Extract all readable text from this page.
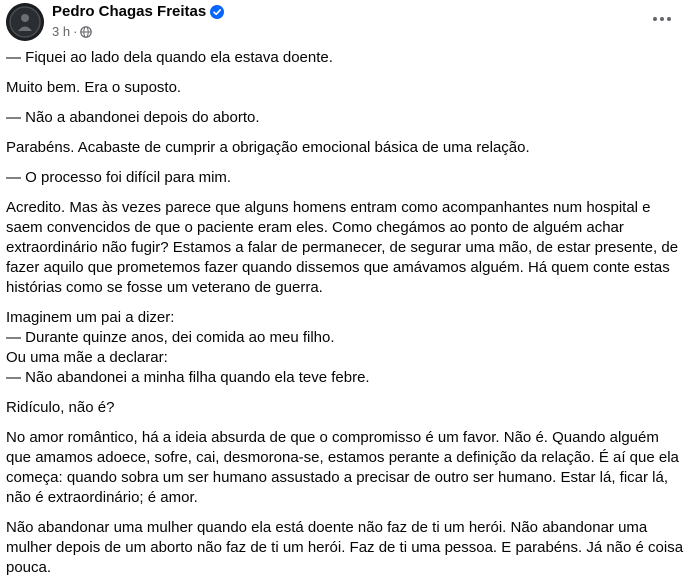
Pedro Chagas Freitas
3 h ·

— Fiquei ao lado dela quando ela estava doente.

Muito bem. Era o suposto.

— Não a abandonei depois do aborto.

Parabéns. Acabaste de cumprir a obrigação emocional básica de uma relação.

— O processo foi difícil para mim.

Acredito. Mas às vezes parece que alguns homens entram como acompanhantes num hospital e saem convencidos de que o paciente eram eles. Como chegámos ao ponto de alguém achar extraordinário não fugir? Estamos a falar de permanecer, de segurar uma mão, de estar presente, de fazer aquilo que prometemos fazer quando dissemos que amávamos alguém. Há quem conte estas histórias como se fosse um veterano de guerra.

Imaginem um pai a dizer:

— Durante quinze anos, dei comida ao meu filho.

Ou uma mãe a declarar:

— Não abandonei a minha filha quando ela teve febre.

Ridículo, não é?

No amor romântico, há a ideia absurda de que o compromisso é um favor. Não é. Quando alguém que amamos adoece, sofre, cai, desmorona-se, estamos perante a definição da relação. É aí que ela começa: quando sobra um ser humano assustado a precisar de outro ser humano. Estar lá, ficar lá, não é extraordinário; é amor.

Não abandonar uma mulher quando ela está doente não faz de ti um herói. Não abandonar uma mulher depois de um aborto não faz de ti um herói. Faz de ti uma pessoa. E parabéns. Já não é coisa pouca.
